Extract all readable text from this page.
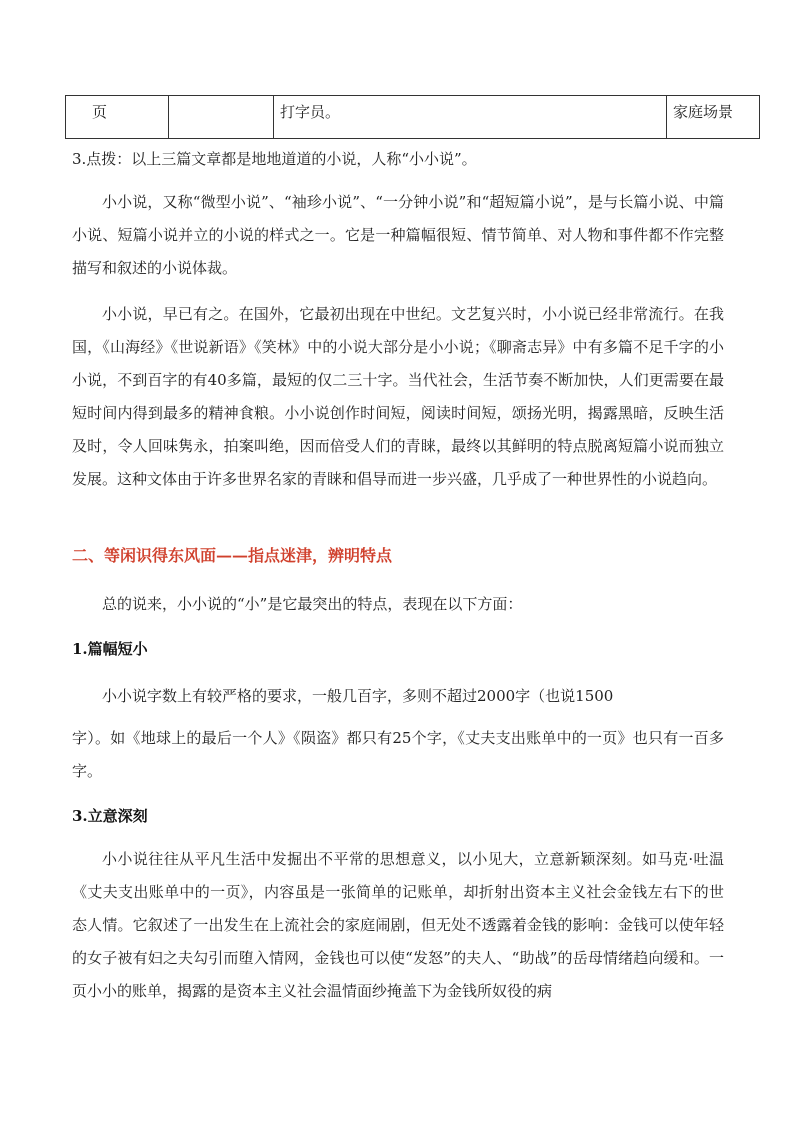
页		打字员。	家庭场景
3.点拨：以上三篇文章都是地地道道的小说，人称“小小说”。
小小说，又称“微型小说”、“袖珍小说”、“一分钟小说”和“超短篇小说”，是与长篇小说、中篇小说、短篇小说并立的小说的样式之一。它是一种篇幅很短、情节简单、对人物和事件都不作完整描写和叙述的小说体裁。
小小说，早已有之。在国外，它最初出现在中世纪。文艺复兴时，小小说已经非常流行。在我国，《山海经》《世说新语》《笑林》中的小说大部分是小小说；《聊斋志异》中有多篇不足千字的小小说，不到百字的有40多篇，最短的仅二三十字。当代社会，生活节奏不断加快，人们更需要在最短时间内得到最多的精神食粮。小小说创作时间短，阅读时间短，颂扬光明，揭露黑暗，反映生活及时，令人回味隽永，拍案叫绝，因而倍受人们的青睐，最终以其鲜明的特点脱离短篇小说而独立发展。这种文体由于许多世界名家的青睐和倡导而进一步兴盛，几乎成了一种世界性的小说趋向。
二、等闲识得东风面——指点迷津，辨明特点
总的说来，小小说的“小”是它最突出的特点，表现在以下方面：
1.篇幅短小
小小说字数上有较严格的要求，一般几百字，多则不超过2000字（也说1500
字）。如《地球上的最后一个人》《陨盗》都只有25个字，《丈夫支出账单中的一页》也只有一百多字。
3.立意深刻
小小说往往从平凡生活中发掘出不平常的思想意义，以小见大，立意新颖深刻。如马克·吐温《丈夫支出账单中的一页》，内容虽是一张简单的记账单，却折射出资本主义社会金钱左右下的世态人情。它叙述了一出发生在上流社会的家庭闹剧，但无处不透露着金钱的影响：金钱可以使年轻的女子被有妇之夫勾引而堕入情网，金钱也可以使“发怒”的夫人、“助战”的岳母情绪趋向缓和。一页小小的账单，揭露的是资本主义社会温情面纱掩盖下为金钱所奴役的病
